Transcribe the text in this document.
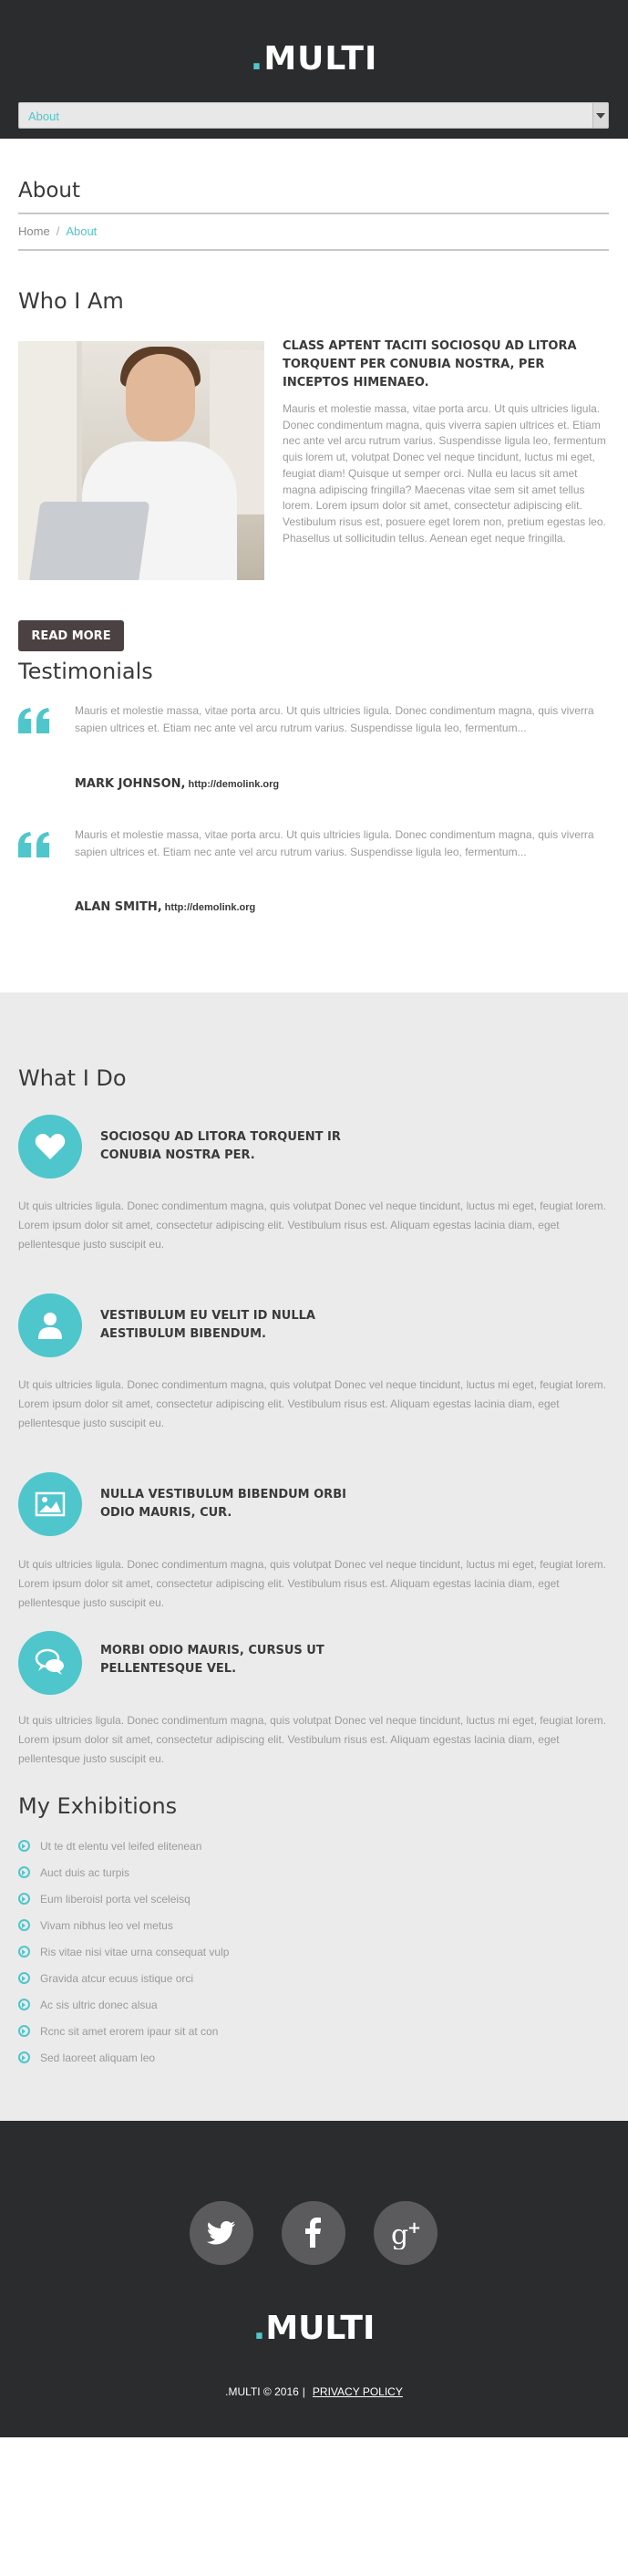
.MULTI
About
About
Home / About
Who I Am
CLASS APTENT TACITI SOCIOSQU AD LITORA TORQUENT PER CONUBIA NOSTRA, PER INCEPTOS HIMENAEO.
Mauris et molestie massa, vitae porta arcu. Ut quis ultricies ligula. Donec condimentum magna, quis viverra sapien ultrices et. Etiam nec ante vel arcu rutrum varius. Suspendisse ligula leo, fermentum quis lorem ut, volutpat Donec vel neque tincidunt, luctus mi eget, feugiat diam! Quisque ut semper orci. Nulla eu lacus sit amet magna adipiscing fringilla? Maecenas vitae sem sit amet tellus lorem. Lorem ipsum dolor sit amet, consectetur adipiscing elit. Vestibulum risus est, posuere eget lorem non, pretium egestas leo. Phasellus ut sollicitudin tellus. Aenean eget neque fringilla.
READ MORE
Testimonials
Mauris et molestie massa, vitae porta arcu. Ut quis ultricies ligula. Donec condimentum magna, quis viverra sapien ultrices et. Etiam nec ante vel arcu rutrum varius. Suspendisse ligula leo, fermentum...
MARK JOHNSON, http://demolink.org
Mauris et molestie massa, vitae porta arcu. Ut quis ultricies ligula. Donec condimentum magna, quis viverra sapien ultrices et. Etiam nec ante vel arcu rutrum varius. Suspendisse ligula leo, fermentum...
ALAN SMITH, http://demolink.org
What I Do
SOCIOSQU AD LITORA TORQUENT IR CONUBIA NOSTRA PER.
Ut quis ultricies ligula. Donec condimentum magna, quis volutpat Donec vel neque tincidunt, luctus mi eget, feugiat lorem. Lorem ipsum dolor sit amet, consectetur adipiscing elit. Vestibulum risus est. Aliquam egestas lacinia diam, eget pellentesque justo suscipit eu.
VESTIBULUM EU VELIT ID NULLA AESTIBULUM BIBENDUM.
Ut quis ultricies ligula. Donec condimentum magna, quis volutpat Donec vel neque tincidunt, luctus mi eget, feugiat lorem. Lorem ipsum dolor sit amet, consectetur adipiscing elit. Vestibulum risus est. Aliquam egestas lacinia diam, eget pellentesque justo suscipit eu.
NULLA VESTIBULUM BIBENDUM ORBI ODIO MAURIS, CUR.
Ut quis ultricies ligula. Donec condimentum magna, quis volutpat Donec vel neque tincidunt, luctus mi eget, feugiat lorem. Lorem ipsum dolor sit amet, consectetur adipiscing elit. Vestibulum risus est. Aliquam egestas lacinia diam, eget pellentesque justo suscipit eu.
MORBI ODIO MAURIS, CURSUS UT PELLENTESQUE VEL.
Ut quis ultricies ligula. Donec condimentum magna, quis volutpat Donec vel neque tincidunt, luctus mi eget, feugiat lorem. Lorem ipsum dolor sit amet, consectetur adipiscing elit. Vestibulum risus est. Aliquam egestas lacinia diam, eget pellentesque justo suscipit eu.
My Exhibitions
Ut te dt elentu vel leifed elitenean
Auct duis ac turpis
Eum liberoisl porta vel sceleisq
Vivam nibhus leo vel metus
Ris vitae nisi vitae urna consequat vulp
Gravida atcur ecuus istique orci
Ac sis ultric donec alsua
Rcnc sit amet erorem ipaur sit at con
Sed laoreet aliquam leo
g
+
.MULTI
.MULTI © 2016 | PRIVACY POLICY
